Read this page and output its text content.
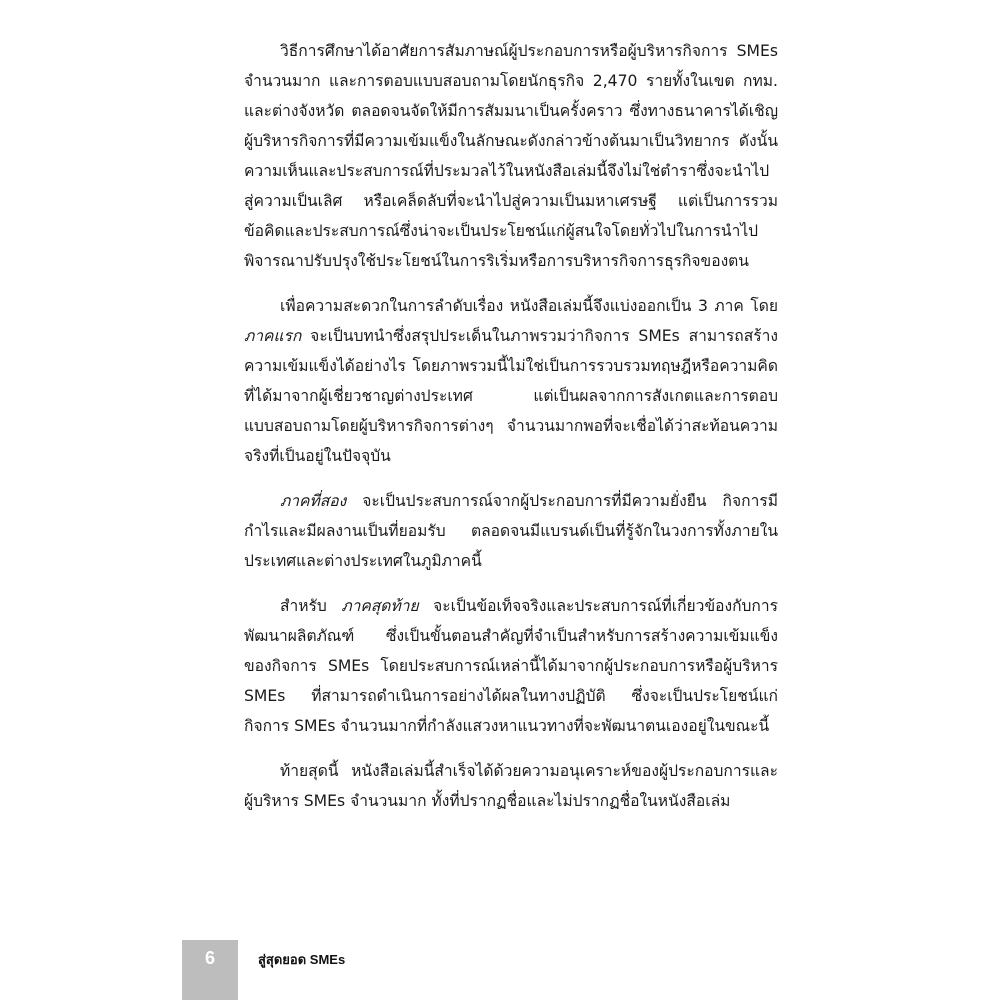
วิธีการศึกษาได้อาศัยการสัมภาษณ์ผู้ประกอบการหรือผู้บริหารกิจการ SMEs จำนวนมาก และการตอบแบบสอบถามโดยนักธุรกิจ 2,470 รายทั้งในเขต กทม. และต่างจังหวัด ตลอดจนจัดให้มีการสัมมนาเป็นครั้งคราว ซึ่งทางธนาคารได้เชิญผู้บริหารกิจการที่มีความเข้มแข็งในลักษณะดังกล่าวข้างต้นมาเป็นวิทยากร ดังนั้นความเห็นและประสบการณ์ที่ประมวลไว้ในหนังสือเล่มนี้จึงไม่ใช่ตำราซึ่งจะนำไปสู่ความเป็นเลิศ หรือเคล็ดลับที่จะนำไปสู่ความเป็นมหาเศรษฐี แต่เป็นการรวมข้อคิดและประสบการณ์ซึ่งน่าจะเป็นประโยชน์แก่ผู้สนใจโดยทั่วไปในการนำไปพิจารณาปรับปรุงใช้ประโยชน์ในการริเริ่มหรือการบริหารกิจการธุรกิจของตน

เพื่อความสะดวกในการลำดับเรื่อง หนังสือเล่มนี้จึงแบ่งออกเป็น 3 ภาค โดย ภาคแรก จะเป็นบทนำซึ่งสรุปประเด็นในภาพรวมว่ากิจการ SMEs สามารถสร้างความเข้มแข็งได้อย่างไร โดยภาพรวมนี้ไม่ใช่เป็นการรวบรวมทฤษฎีหรือความคิดที่ได้มาจากผู้เชี่ยวชาญต่างประเทศ แต่เป็นผลจากการสังเกตและการตอบแบบสอบถามโดยผู้บริหารกิจการต่างๆ จำนวนมากพอที่จะเชื่อได้ว่าสะท้อนความจริงที่เป็นอยู่ในปัจจุบัน

ภาคที่สอง จะเป็นประสบการณ์จากผู้ประกอบการที่มีความยั่งยืน กิจการมีกำไรและมีผลงานเป็นที่ยอมรับ ตลอดจนมีแบรนด์เป็นที่รู้จักในวงการทั้งภายในประเทศและต่างประเทศในภูมิภาคนี้

สำหรับ ภาคสุดท้าย จะเป็นข้อเท็จจริงและประสบการณ์ที่เกี่ยวข้องกับการพัฒนาผลิตภัณฑ์ ซึ่งเป็นขั้นตอนสำคัญที่จำเป็นสำหรับการสร้างความเข้มแข็งของกิจการ SMEs โดยประสบการณ์เหล่านี้ได้มาจากผู้ประกอบการหรือผู้บริหาร SMEs ที่สามารถดำเนินการอย่างได้ผลในทางปฏิบัติ ซึ่งจะเป็นประโยชน์แก่กิจการ SMEs จำนวนมากที่กำลังแสวงหาแนวทางที่จะพัฒนาตนเองอยู่ในขณะนี้

ท้ายสุดนี้ หนังสือเล่มนี้สำเร็จได้ด้วยความอนุเคราะห์ของผู้ประกอบการและผู้บริหาร SMEs จำนวนมาก ทั้งที่ปรากฏชื่อและไม่ปรากฏชื่อในหนังสือเล่ม

6	สู่สุดยอด SMEs
